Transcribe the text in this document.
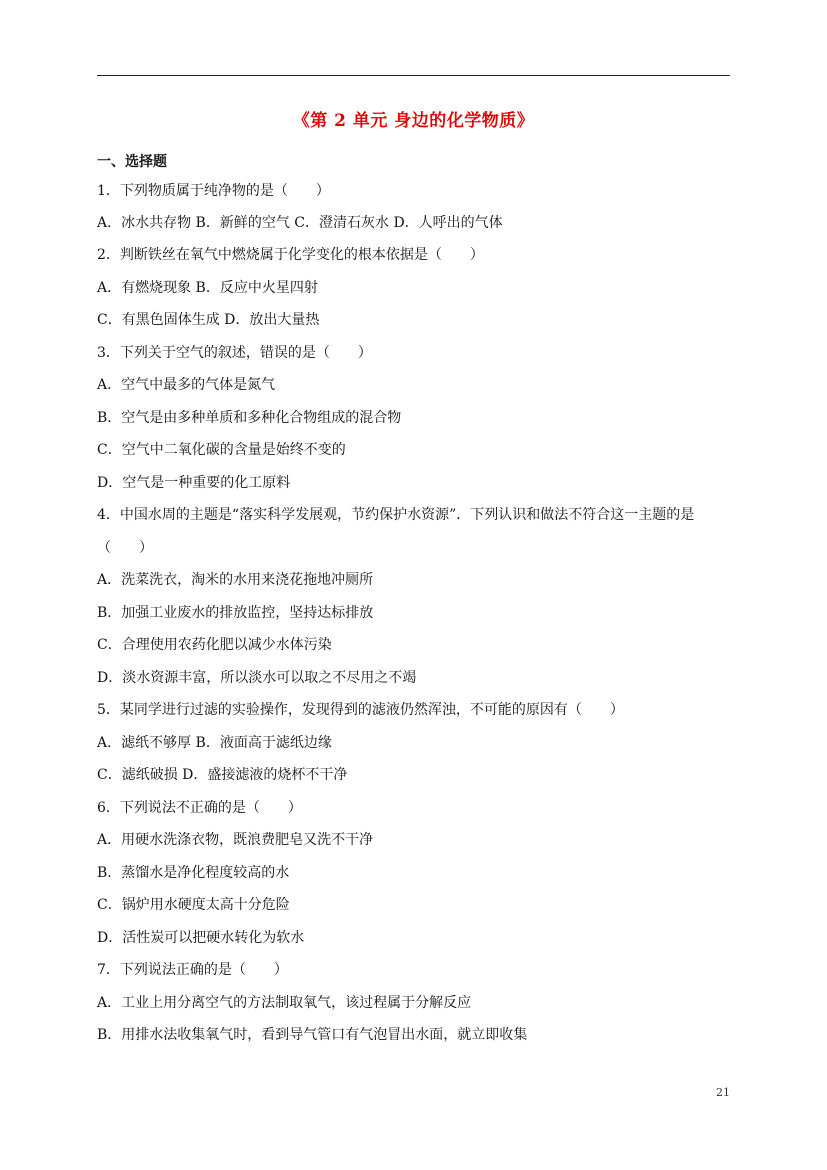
《第 2 单元 身边的化学物质》
一、选择题
1．下列物质属于纯净物的是（　　）
A．冰水共存物 B．新鲜的空气 C．澄清石灰水 D．人呼出的气体
2．判断铁丝在氧气中燃烧属于化学变化的根本依据是（　　）
A．有燃烧现象 B．反应中火星四射
C．有黑色固体生成 D．放出大量热
3．下列关于空气的叙述，错误的是（　　）
A．空气中最多的气体是氮气
B．空气是由多种单质和多种化合物组成的混合物
C．空气中二氧化碳的含量是始终不变的
D．空气是一种重要的化工原料
4．中国水周的主题是“落实科学发展观，节约保护水资源”．下列认识和做法不符合这一主题的是
（　　）
A．洗菜洗衣，淘米的水用来浇花拖地冲厕所
B．加强工业废水的排放监控，坚持达标排放
C．合理使用农药化肥以减少水体污染
D．淡水资源丰富，所以淡水可以取之不尽用之不竭
5．某同学进行过滤的实验操作，发现得到的滤液仍然浑浊，不可能的原因有（　　）
A．滤纸不够厚 B．液面高于滤纸边缘
C．滤纸破损 D．盛接滤液的烧杯不干净
6．下列说法不正确的是（　　）
A．用硬水洗涤衣物，既浪费肥皂又洗不干净
B．蒸馏水是净化程度较高的水
C．锅炉用水硬度太高十分危险
D．活性炭可以把硬水转化为软水
7．下列说法正确的是（　　）
A．工业上用分离空气的方法制取氧气，该过程属于分解反应
B．用排水法收集氧气时，看到导气管口有气泡冒出水面，就立即收集
21
